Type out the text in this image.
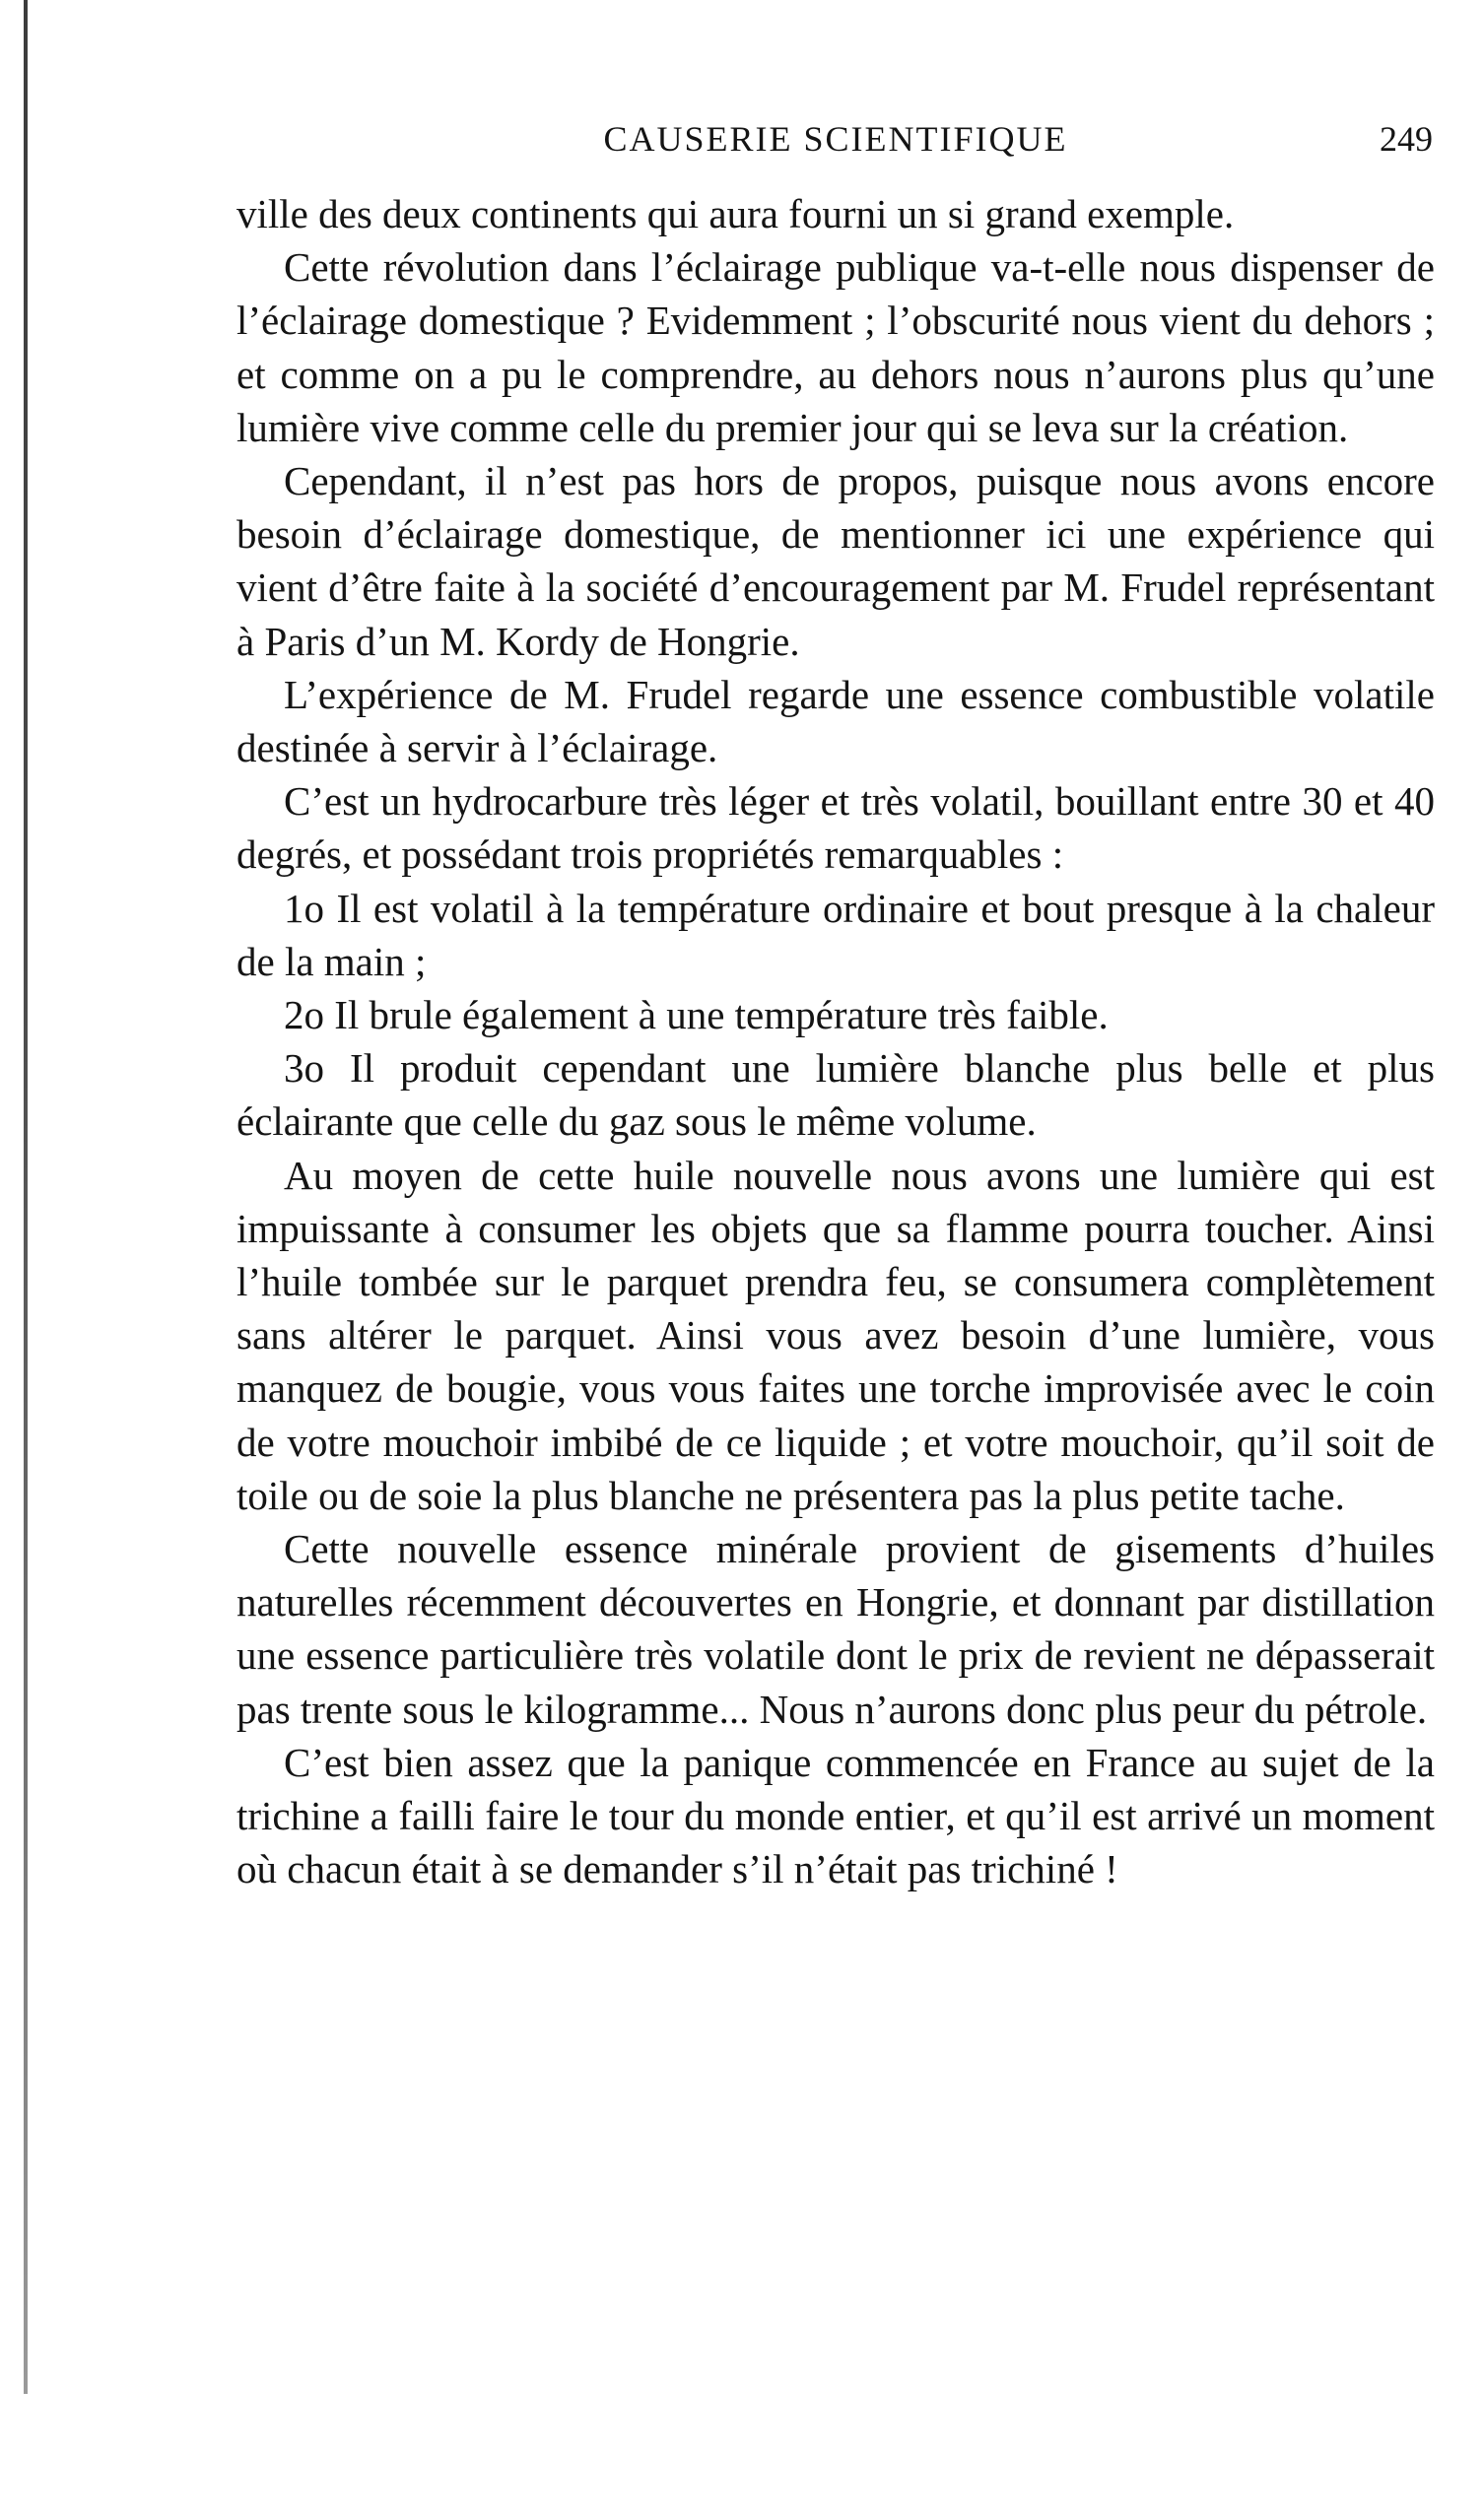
CAUSERIE SCIENTIFIQUE	249

ville des deux continents qui aura fourni un si grand exemple.

Cette révolution dans l’éclairage publique va-t-elle nous dispenser de l’éclairage domestique ? Evidemment ; l’obscurité nous vient du dehors ; et comme on a pu le comprendre, au dehors nous n’aurons plus qu’une lumière vive comme celle du premier jour qui se leva sur la création.

Cependant, il n’est pas hors de propos, puisque nous avons encore besoin d’éclairage domestique, de mentionner ici une expérience qui vient d’être faite à la société d’encouragement par M. Frudel représentant à Paris d’un M. Kordy de Hongrie.

L’expérience de M. Frudel regarde une essence combustible volatile destinée à servir à l’éclairage.

C’est un hydrocarbure très léger et très volatil, bouillant entre 30 et 40 degrés, et possédant trois propriétés remarquables :

1o Il est volatil à la température ordinaire et bout presque à la chaleur de la main ;

2o Il brule également à une température très faible.

3o Il produit cependant une lumière blanche plus belle et plus éclairante que celle du gaz sous le même volume.

Au moyen de cette huile nouvelle nous avons une lumière qui est impuissante à consumer les objets que sa flamme pourra toucher. Ainsi l’huile tombée sur le parquet prendra feu, se consumera complètement sans altérer le parquet. Ainsi vous avez besoin d’une lumière, vous manquez de bougie, vous vous faites une torche improvisée avec le coin de votre mouchoir imbibé de ce liquide ; et votre mouchoir, qu’il soit de toile ou de soie la plus blanche ne présentera pas la plus petite tache.

Cette nouvelle essence minérale provient de gisements d’huiles naturelles récemment découvertes en Hongrie, et donnant par distillation une essence particulière très volatile dont le prix de revient ne dépasserait pas trente sous le kilogramme... Nous n’aurons donc plus peur du pétrole.

C’est bien assez que la panique commencée en France au sujet de la trichine a failli faire le tour du monde entier, et qu’il est arrivé un moment où chacun était à se demander s’il n’était pas trichiné !
